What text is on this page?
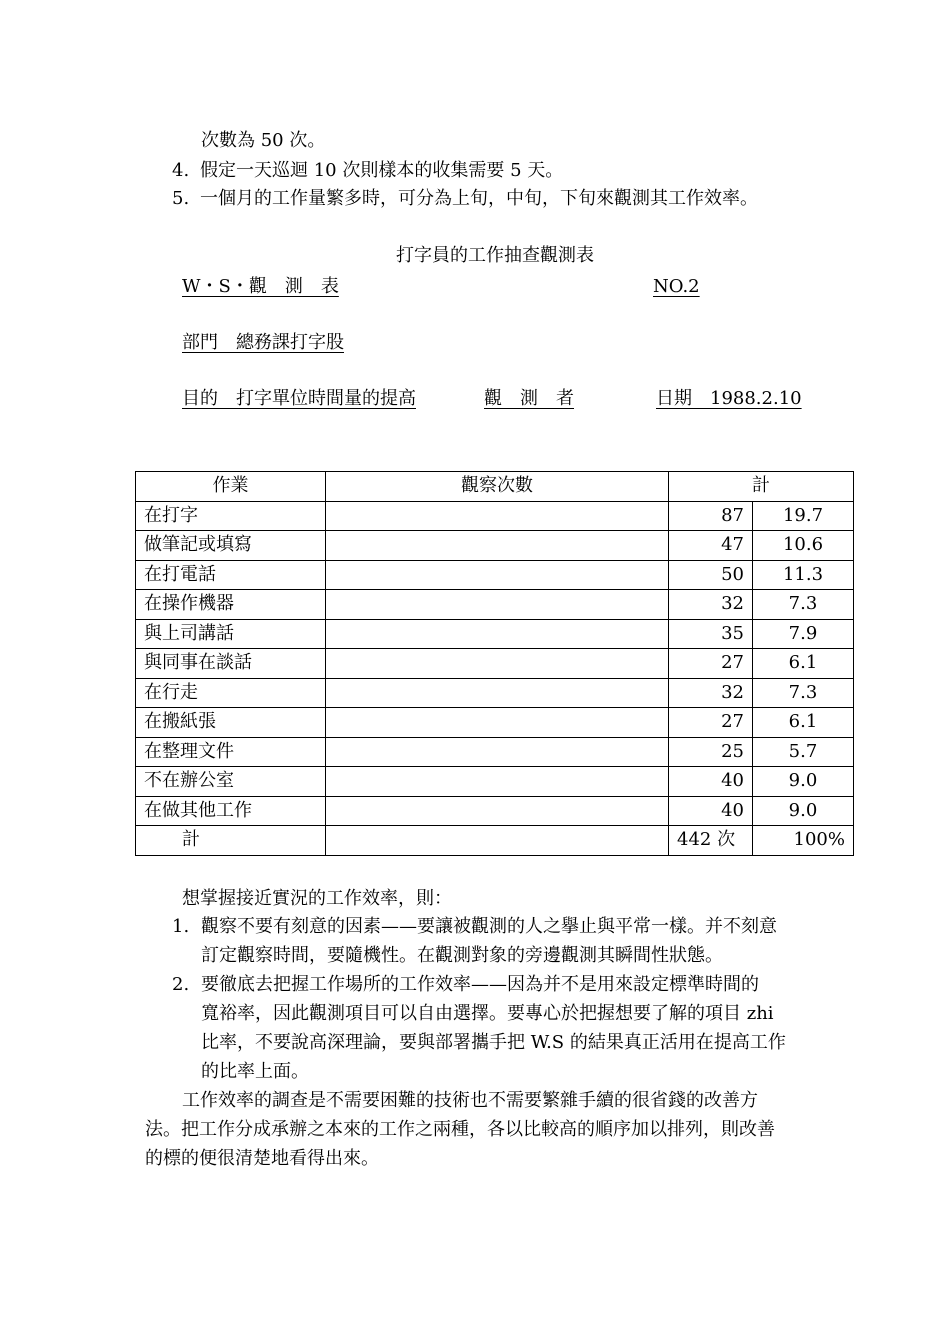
次數為 50 次。
4. 假定一天巡迴 10 次則樣本的收集需要 5 天。
5. 一個月的工作量繁多時，可分為上旬，中旬，下旬來觀測其工作效率。
打字員的工作抽查觀測表
W・S・觀　測　表	NO.2
部門　總務課打字股
目的　打字單位時間量的提高	觀　測　者	日期　1988.2.10
作業	觀察次數	計	
在打字		87	19.7
做筆記或填寫		47	10.6
在打電話		50	11.3
在操作機器		32	7.3
與上司講話		35	7.9
與同事在談話		27	6.1
在行走		32	7.3
在搬紙張		27	6.1
在整理文件		25	5.7
不在辦公室		40	9.0
在做其他工作		40	9.0
計		442 次	100%
想掌握接近實況的工作效率，則：
1. 觀察不要有刻意的因素——要讓被觀測的人之擧止與平常一樣。并不刻意
訂定觀察時間，要隨機性。在觀測對象的旁邊觀測其瞬間性狀態。
2. 要徹底去把握工作場所的工作效率——因為并不是用來設定標準時間的
寬裕率，因此觀測項目可以自由選擇。要專心於把握想要了解的項目 zhi
比率，不要說高深理論，要與部署攜手把 W.S 的結果真正活用在提高工作
的比率上面。
工作效率的調查是不需要困難的技術也不需要繁雜手續的很省錢的改善方
法。把工作分成承辦之本來的工作之兩種，各以比較高的順序加以排列，則改善
的標的便很清楚地看得出來。
